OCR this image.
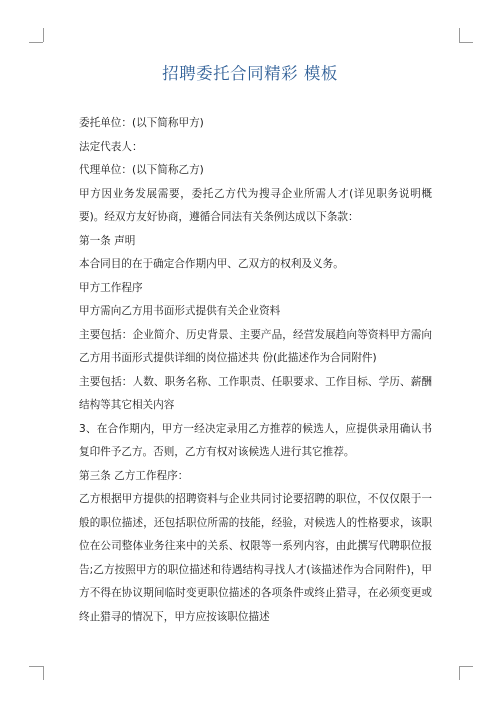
招聘委托合同精彩 模板

委托单位：(以下简称甲方)

法定代表人：

代理单位：(以下简称乙方)

甲方因业务发展需要，委托乙方代为搜寻企业所需人才(详见职务说明概要)。经双方友好协商，遵循合同法有关条例达成以下条款：

第一条 声明

本合同目的在于确定合作期内甲、乙双方的权利及义务。

甲方工作程序

甲方需向乙方用书面形式提供有关企业资料

主要包括：企业简介、历史背景、主要产品，经营发展趋向等资料甲方需向乙方用书面形式提供详细的岗位描述共 份(此描述作为合同附件)

主要包括：人数、职务名称、工作职责、任职要求、工作目标、学历、薪酬结构等其它相关内容

3、在合作期内，甲方一经决定录用乙方推荐的候选人，应提供录用确认书复印件予乙方。否则，乙方有权对该候选人进行其它推荐。

第三条 乙方工作程序：

乙方根据甲方提供的招聘资料与企业共同讨论要招聘的职位，不仅仅限于一般的职位描述，还包括职位所需的技能，经验，对候选人的性格要求，该职位在公司整体业务往来中的关系、权限等一系列内容，由此撰写代聘职位报告;乙方按照甲方的职位描述和待遇结构寻找人才(该描述作为合同附件)，甲方不得在协议期间临时变更职位描述的各项条件或终止猎寻，在必须变更或终止猎寻的情况下，甲方应按该职位描述
